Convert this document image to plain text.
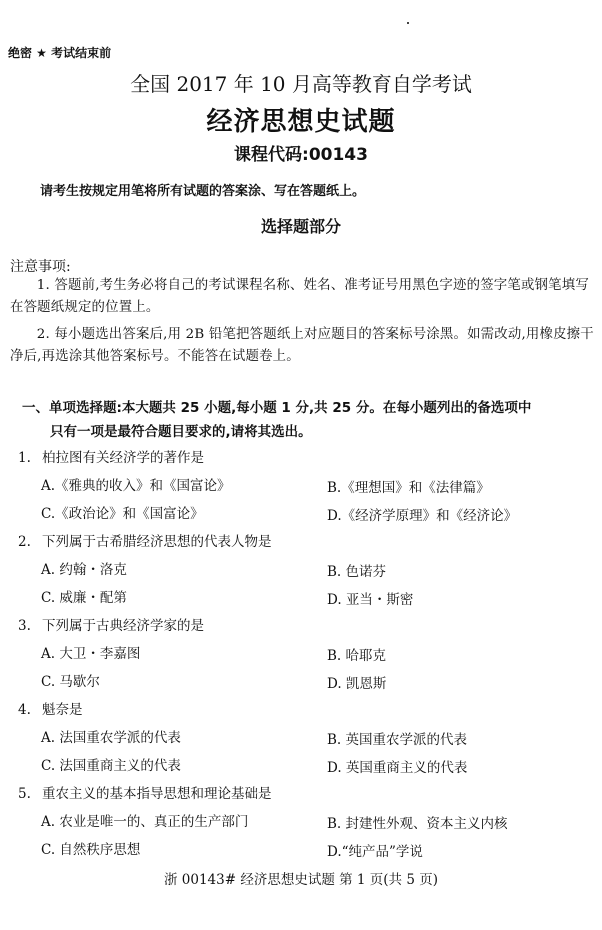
绝密 ★ 考试结束前
全国 2017 年 10 月高等教育自学考试
经济思想史试题
课程代码:00143
请考生按规定用笔将所有试题的答案涂、写在答题纸上。
选择题部分
注意事项:
1. 答题前,考生务必将自己的考试课程名称、姓名、准考证号用黑色字迹的签字笔或钢笔填写在答题纸规定的位置上。
2. 每小题选出答案后,用 2B 铅笔把答题纸上对应题目的答案标号涂黑。如需改动,用橡皮擦干净后,再选涂其他答案标号。不能答在试题卷上。
一、单项选择题:本大题共 25 小题,每小题 1 分,共 25 分。在每小题列出的备选项中
只有一项是最符合题目要求的,请将其选出。
1. 柏拉图有关经济学的著作是
A.《雅典的收入》和《国富论》	B.《理想国》和《法律篇》
C.《政治论》和《国富论》	D.《经济学原理》和《经济论》
2. 下列属于古希腊经济思想的代表人物是
A. 约翰・洛克	B. 色诺芬
C. 威廉・配第	D. 亚当・斯密
3. 下列属于古典经济学家的是
A. 大卫・李嘉图	B. 哈耶克
C. 马歇尔	D. 凯恩斯
4. 魁奈是
A. 法国重农学派的代表	B. 英国重农学派的代表
C. 法国重商主义的代表	D. 英国重商主义的代表
5. 重农主义的基本指导思想和理论基础是
A. 农业是唯一的、真正的生产部门	B. 封建性外观、资本主义内核
C. 自然秩序思想	D.“纯产品”学说
浙 00143# 经济思想史试题 第 1 页(共 5 页)
